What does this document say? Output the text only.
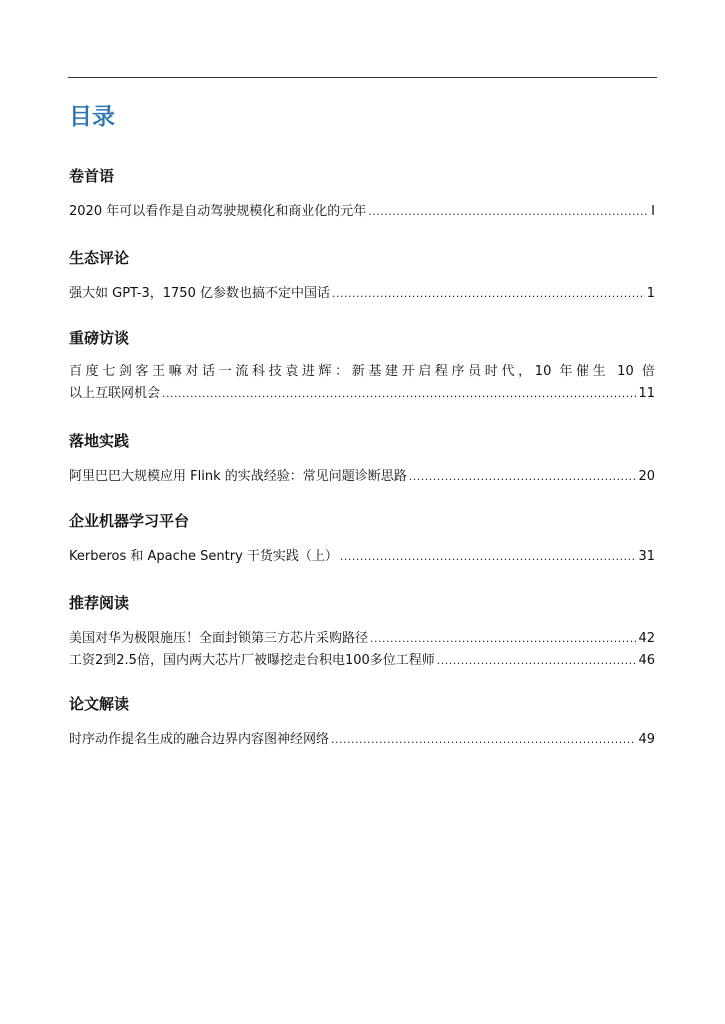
目录
卷首语
2020 年可以看作是自动驾驶规模化和商业化的元年 .....	I
生态评论
强大如 GPT-3，1750 亿参数也搞不定中国话 .....	1
重磅访谈
百度七剑客王嘛对话一流科技袁进辉：新基建开启程序员时代，10 年催生 10 倍
以上互联网机会 .....	11
落地实践
阿里巴巴大规模应用 Flink 的实战经验：常见问题诊断思路 .....	20
企业机器学习平台
Kerberos 和 Apache Sentry 干货实践（上） .....	31
推荐阅读
美国对华为极限施压！全面封锁第三方芯片采购路径 .....	42
工资2到2.5倍，国内两大芯片厂被曝挖走台积电100多位工程师 .....	46
论文解读
时序动作提名生成的融合边界内容图神经网络 .....	49
